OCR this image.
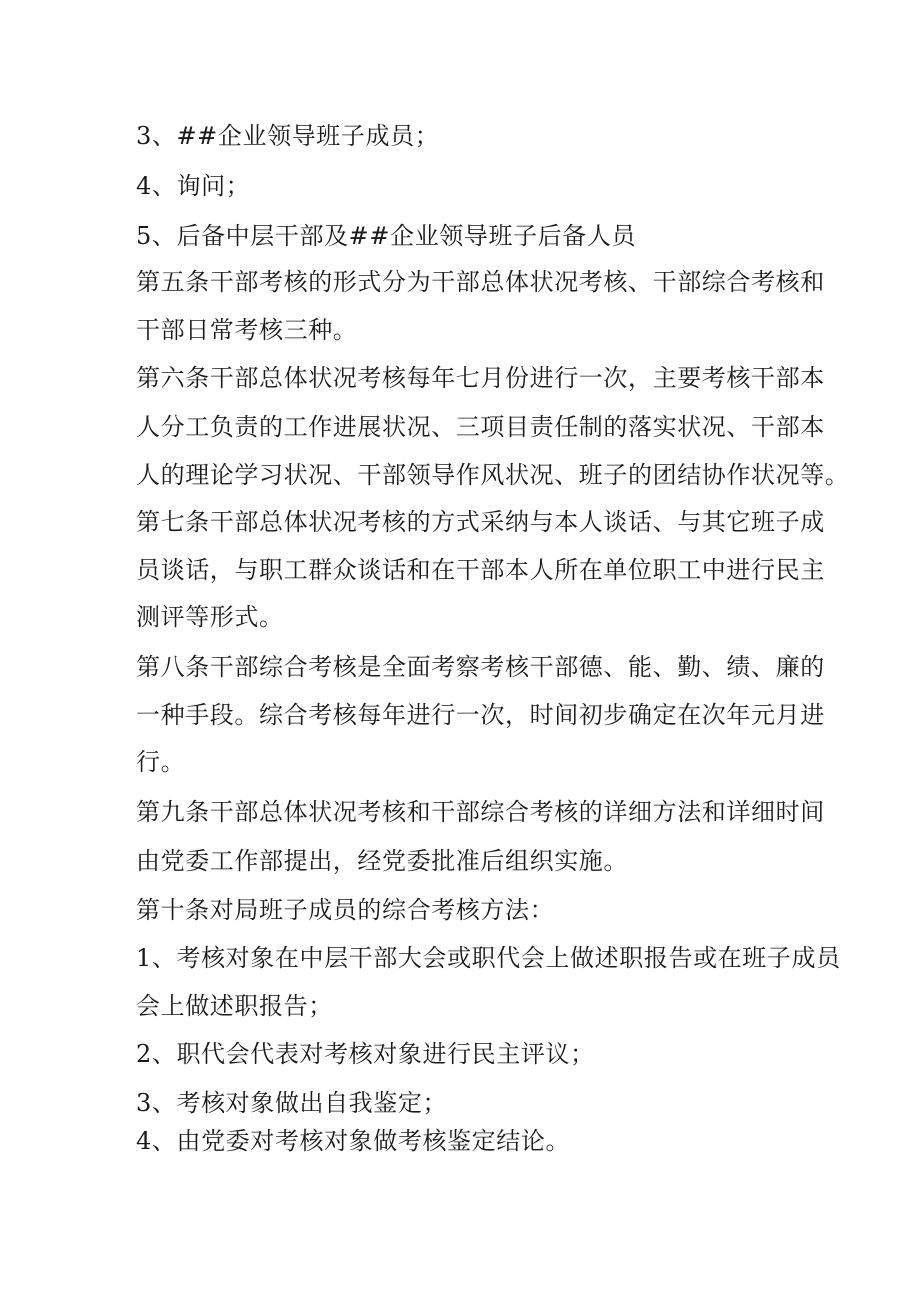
3、##企业领导班子成员；
4、询问；
5、后备中层干部及##企业领导班子后备人员
第五条干部考核的形式分为干部总体状况考核、干部综合考核和
干部日常考核三种。
第六条干部总体状况考核每年七月份进行一次，主要考核干部本
人分工负责的工作进展状况、三项目责任制的落实状况、干部本
人的理论学习状况、干部领导作风状况、班子的团结协作状况等。
第七条干部总体状况考核的方式采纳与本人谈话、与其它班子成
员谈话，与职工群众谈话和在干部本人所在单位职工中进行民主
测评等形式。
第八条干部综合考核是全面考察考核干部德、能、勤、绩、廉的
一种手段。综合考核每年进行一次，时间初步确定在次年元月进
行。
第九条干部总体状况考核和干部综合考核的详细方法和详细时间
由党委工作部提出，经党委批准后组织实施。
第十条对局班子成员的综合考核方法：
1、考核对象在中层干部大会或职代会上做述职报告或在班子成员
会上做述职报告；
2、职代会代表对考核对象进行民主评议；
3、考核对象做出自我鉴定；
4、由党委对考核对象做考核鉴定结论。
